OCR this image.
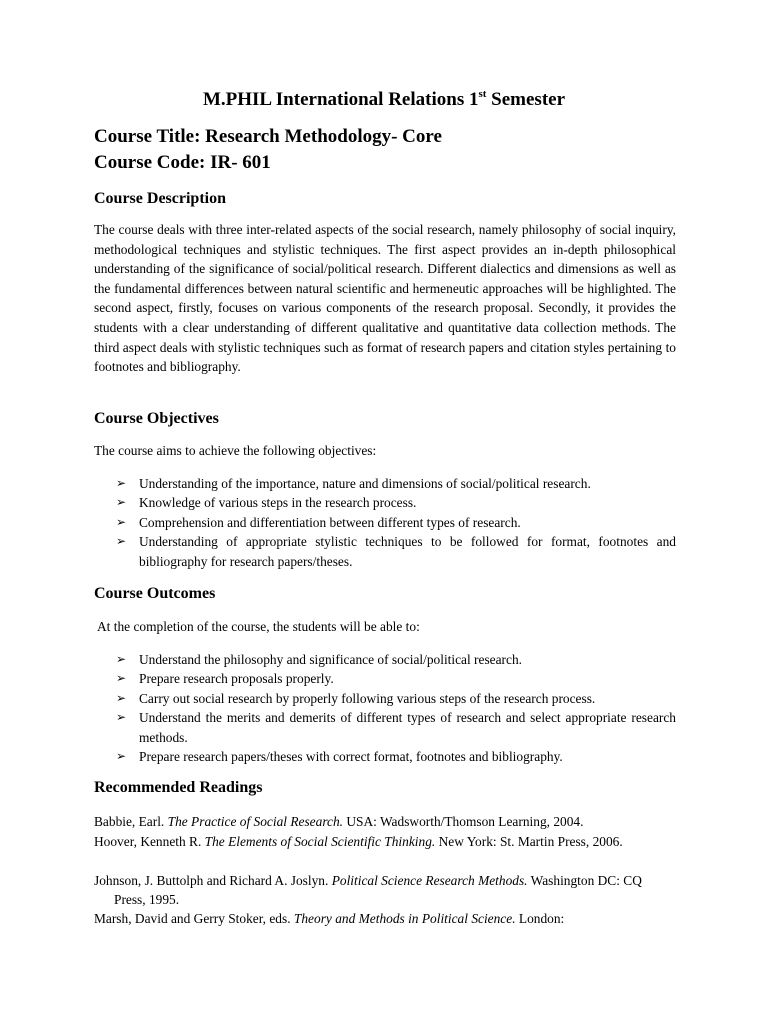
M.PHIL International Relations 1st Semester
Course Title: Research Methodology- Core
Course Code: IR- 601
Course Description

The course deals with three inter-related aspects of the social research, namely philosophy of social inquiry, methodological techniques and stylistic techniques. The first aspect provides an in-depth philosophical understanding of the significance of social/political research. Different dialectics and dimensions as well as the fundamental differences between natural scientific and hermeneutic approaches will be highlighted. The second aspect, firstly, focuses on various components of the research proposal. Secondly, it provides the students with a clear understanding of different qualitative and quantitative data collection methods. The third aspect deals with stylistic techniques such as format of research papers and citation styles pertaining to footnotes and bibliography.

Course Objectives

The course aims to achieve the following objectives:

➢ Understanding of the importance, nature and dimensions of social/political research.
➢ Knowledge of various steps in the research process.
➢ Comprehension and differentiation between different types of research.
➢ Understanding of appropriate stylistic techniques to be followed for format, footnotes and bibliography for research papers/theses.
Course Outcomes

At the completion of the course, the students will be able to:

➢ Understand the philosophy and significance of social/political research.
➢ Prepare research proposals properly.
➢ Carry out social research by properly following various steps of the research process.
➢ Understand the merits and demerits of different types of research and select appropriate research methods.
➢ Prepare research papers/theses with correct format, footnotes and bibliography.
Recommended Readings

Babbie, Earl. The Practice of Social Research. USA: Wadsworth/Thomson Learning, 2004.

Hoover, Kenneth R. The Elements of Social Scientific Thinking. New York: St. Martin Press, 2006.

Johnson, J. Buttolph and Richard A. Joslyn. Political Science Research Methods. Washington DC: CQ Press, 1995.

Marsh, David and Gerry Stoker, eds. Theory and Methods in Political Science. London:
